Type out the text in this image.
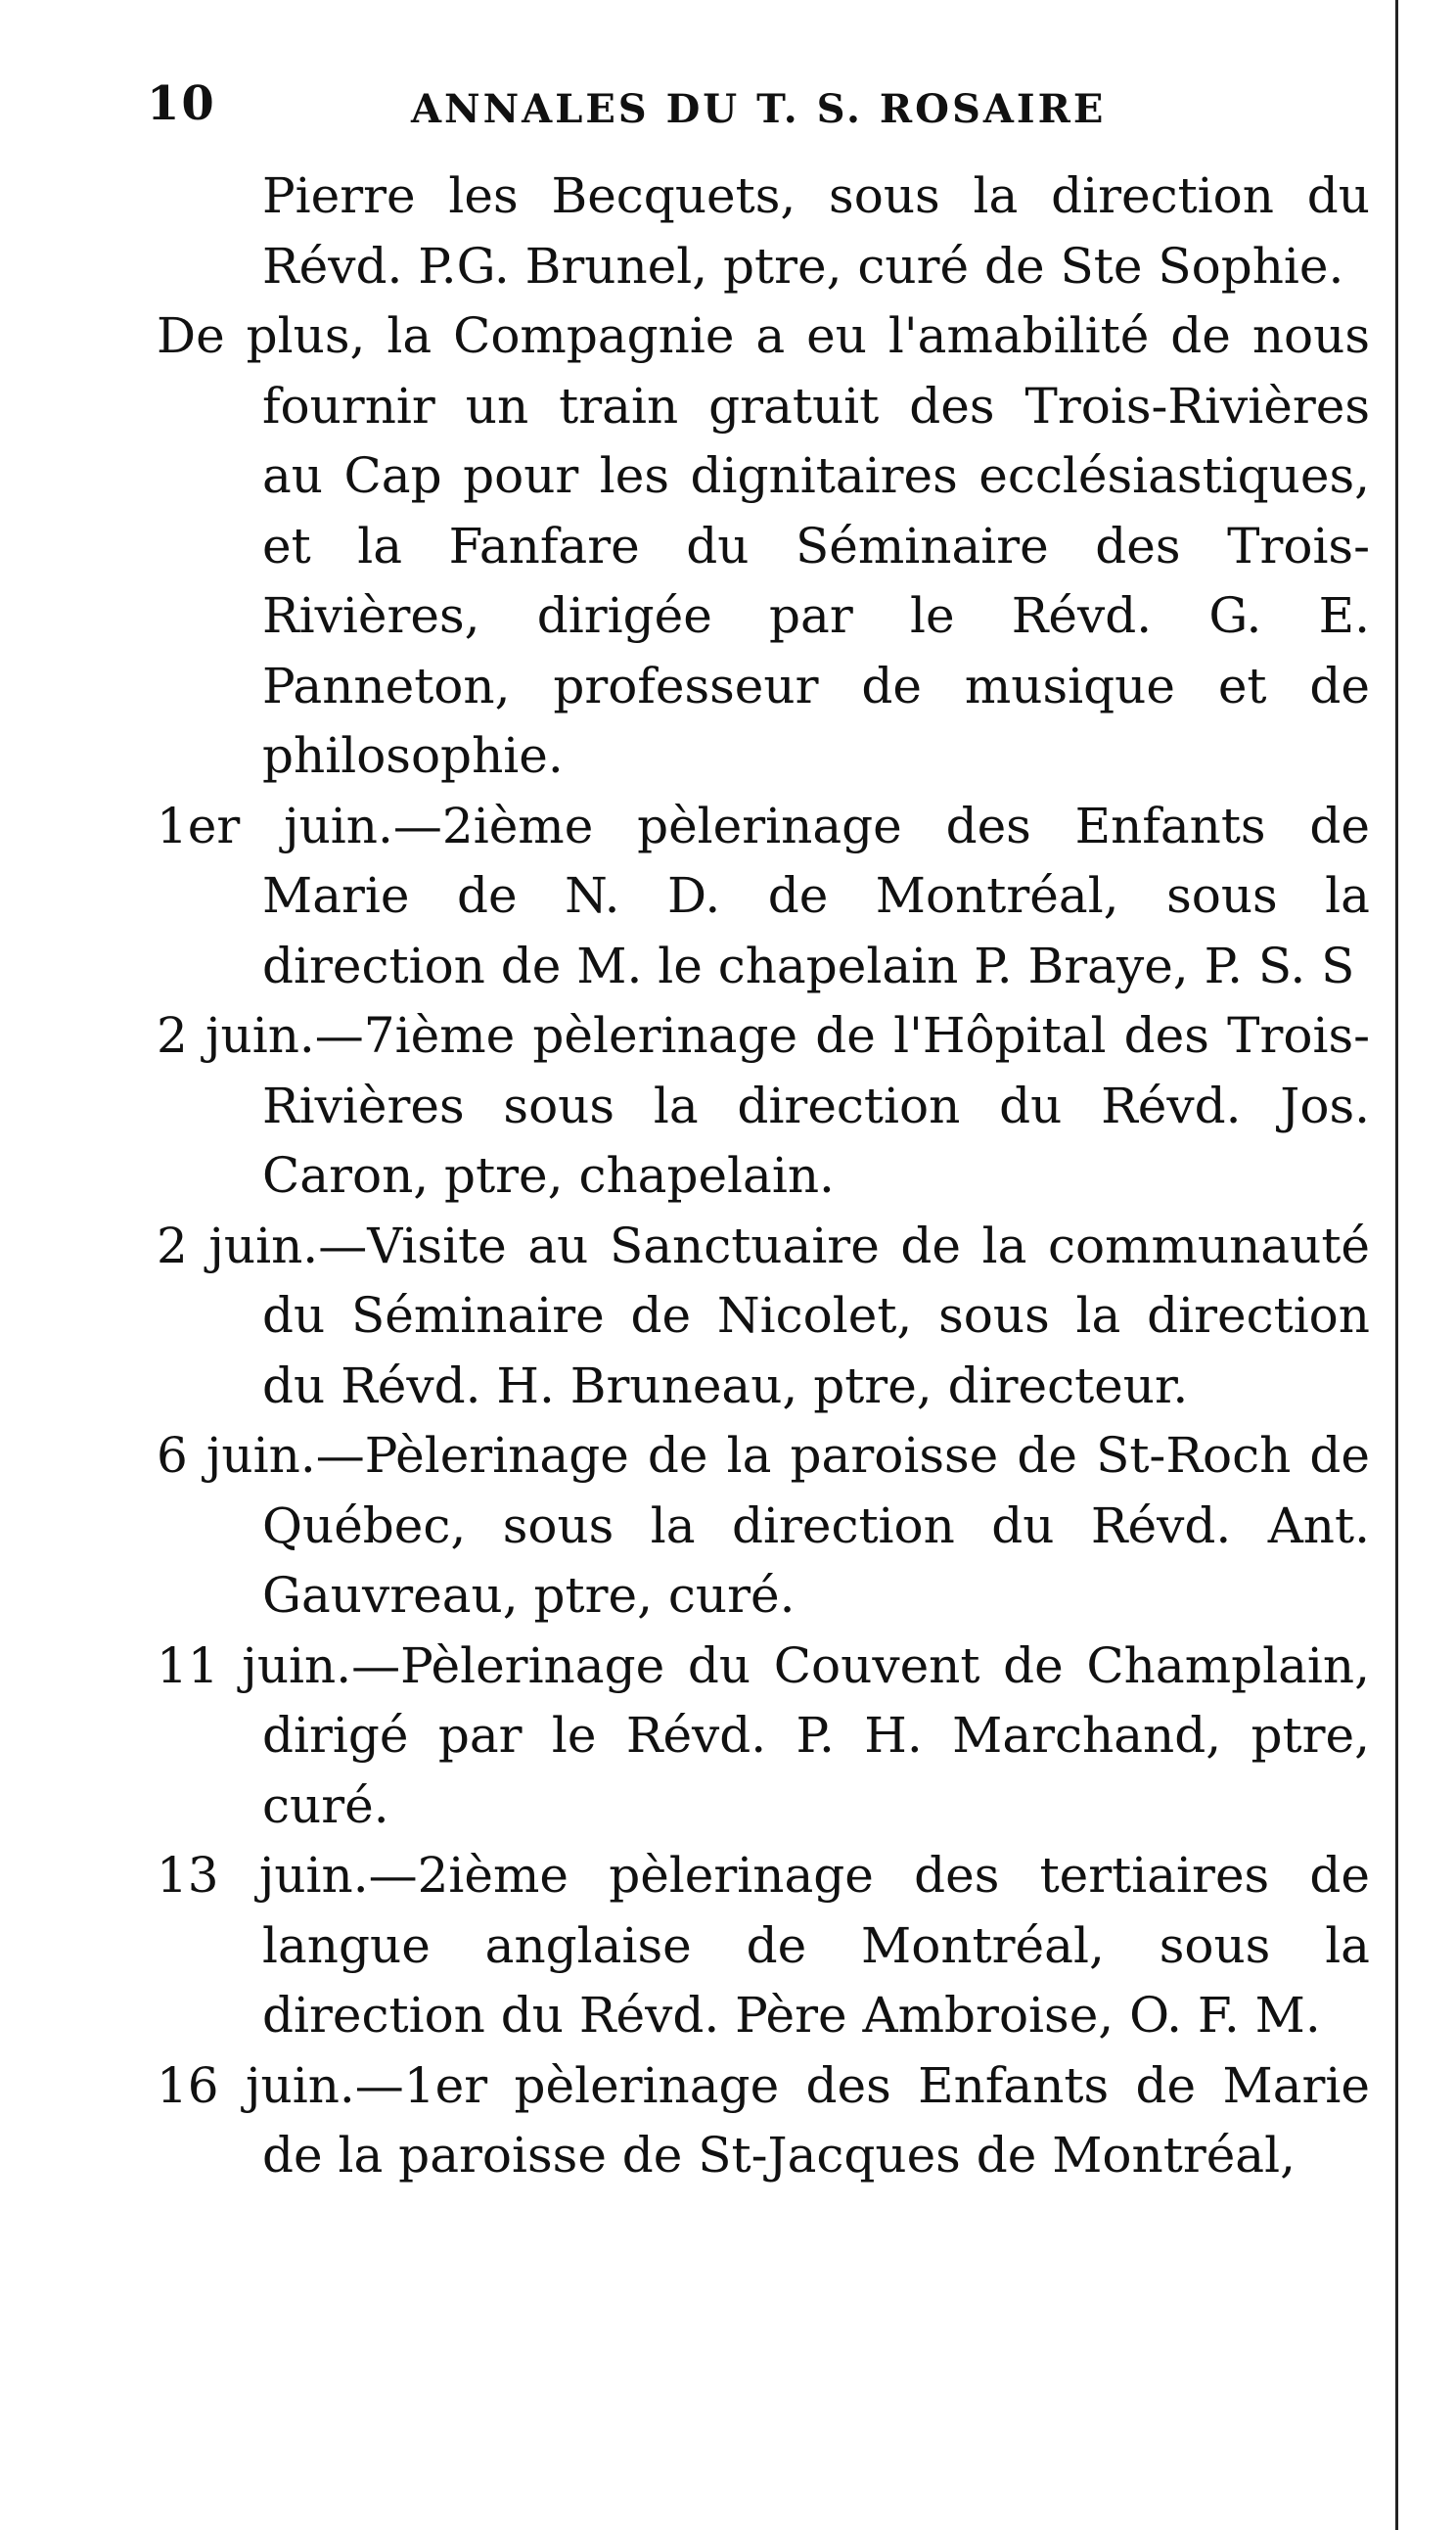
10	ANNALES DU T. S. ROSAIRE

Pierre les Becquets, sous la direction du Révd. P.G. Brunel, ptre, curé de Ste Sophie.

De plus, la Compagnie a eu l'amabilité de nous fournir un train gratuit des Trois-Rivières au Cap pour les dignitaires ecclésiastiques, et la Fanfare du Séminaire des Trois-Rivières, dirigée par le Révd. G. E. Panneton, professeur de musique et de philosophie.

1er juin.—2ième pèlerinage des Enfants de Marie de N. D. de Montréal, sous la direction de M. le chapelain P. Braye, P. S. S

2 juin.—7ième pèlerinage de l'Hôpital des Trois-Rivières sous la direction du Révd. Jos. Caron, ptre, chapelain.

2 juin.—Visite au Sanctuaire de la communauté du Séminaire de Nicolet, sous la direction du Révd. H. Bruneau, ptre, directeur.

6 juin.—Pèlerinage de la paroisse de St-Roch de Québec, sous la direction du Révd. Ant. Gauvreau, ptre, curé.

11 juin.—Pèlerinage du Couvent de Champlain, dirigé par le Révd. P. H. Marchand, ptre, curé.

13 juin.—2ième pèlerinage des tertiaires de langue anglaise de Montréal, sous la direction du Révd. Père Ambroise, O. F. M.

16 juin.—1er pèlerinage des Enfants de Marie de la paroisse de St-Jacques de Montréal,
